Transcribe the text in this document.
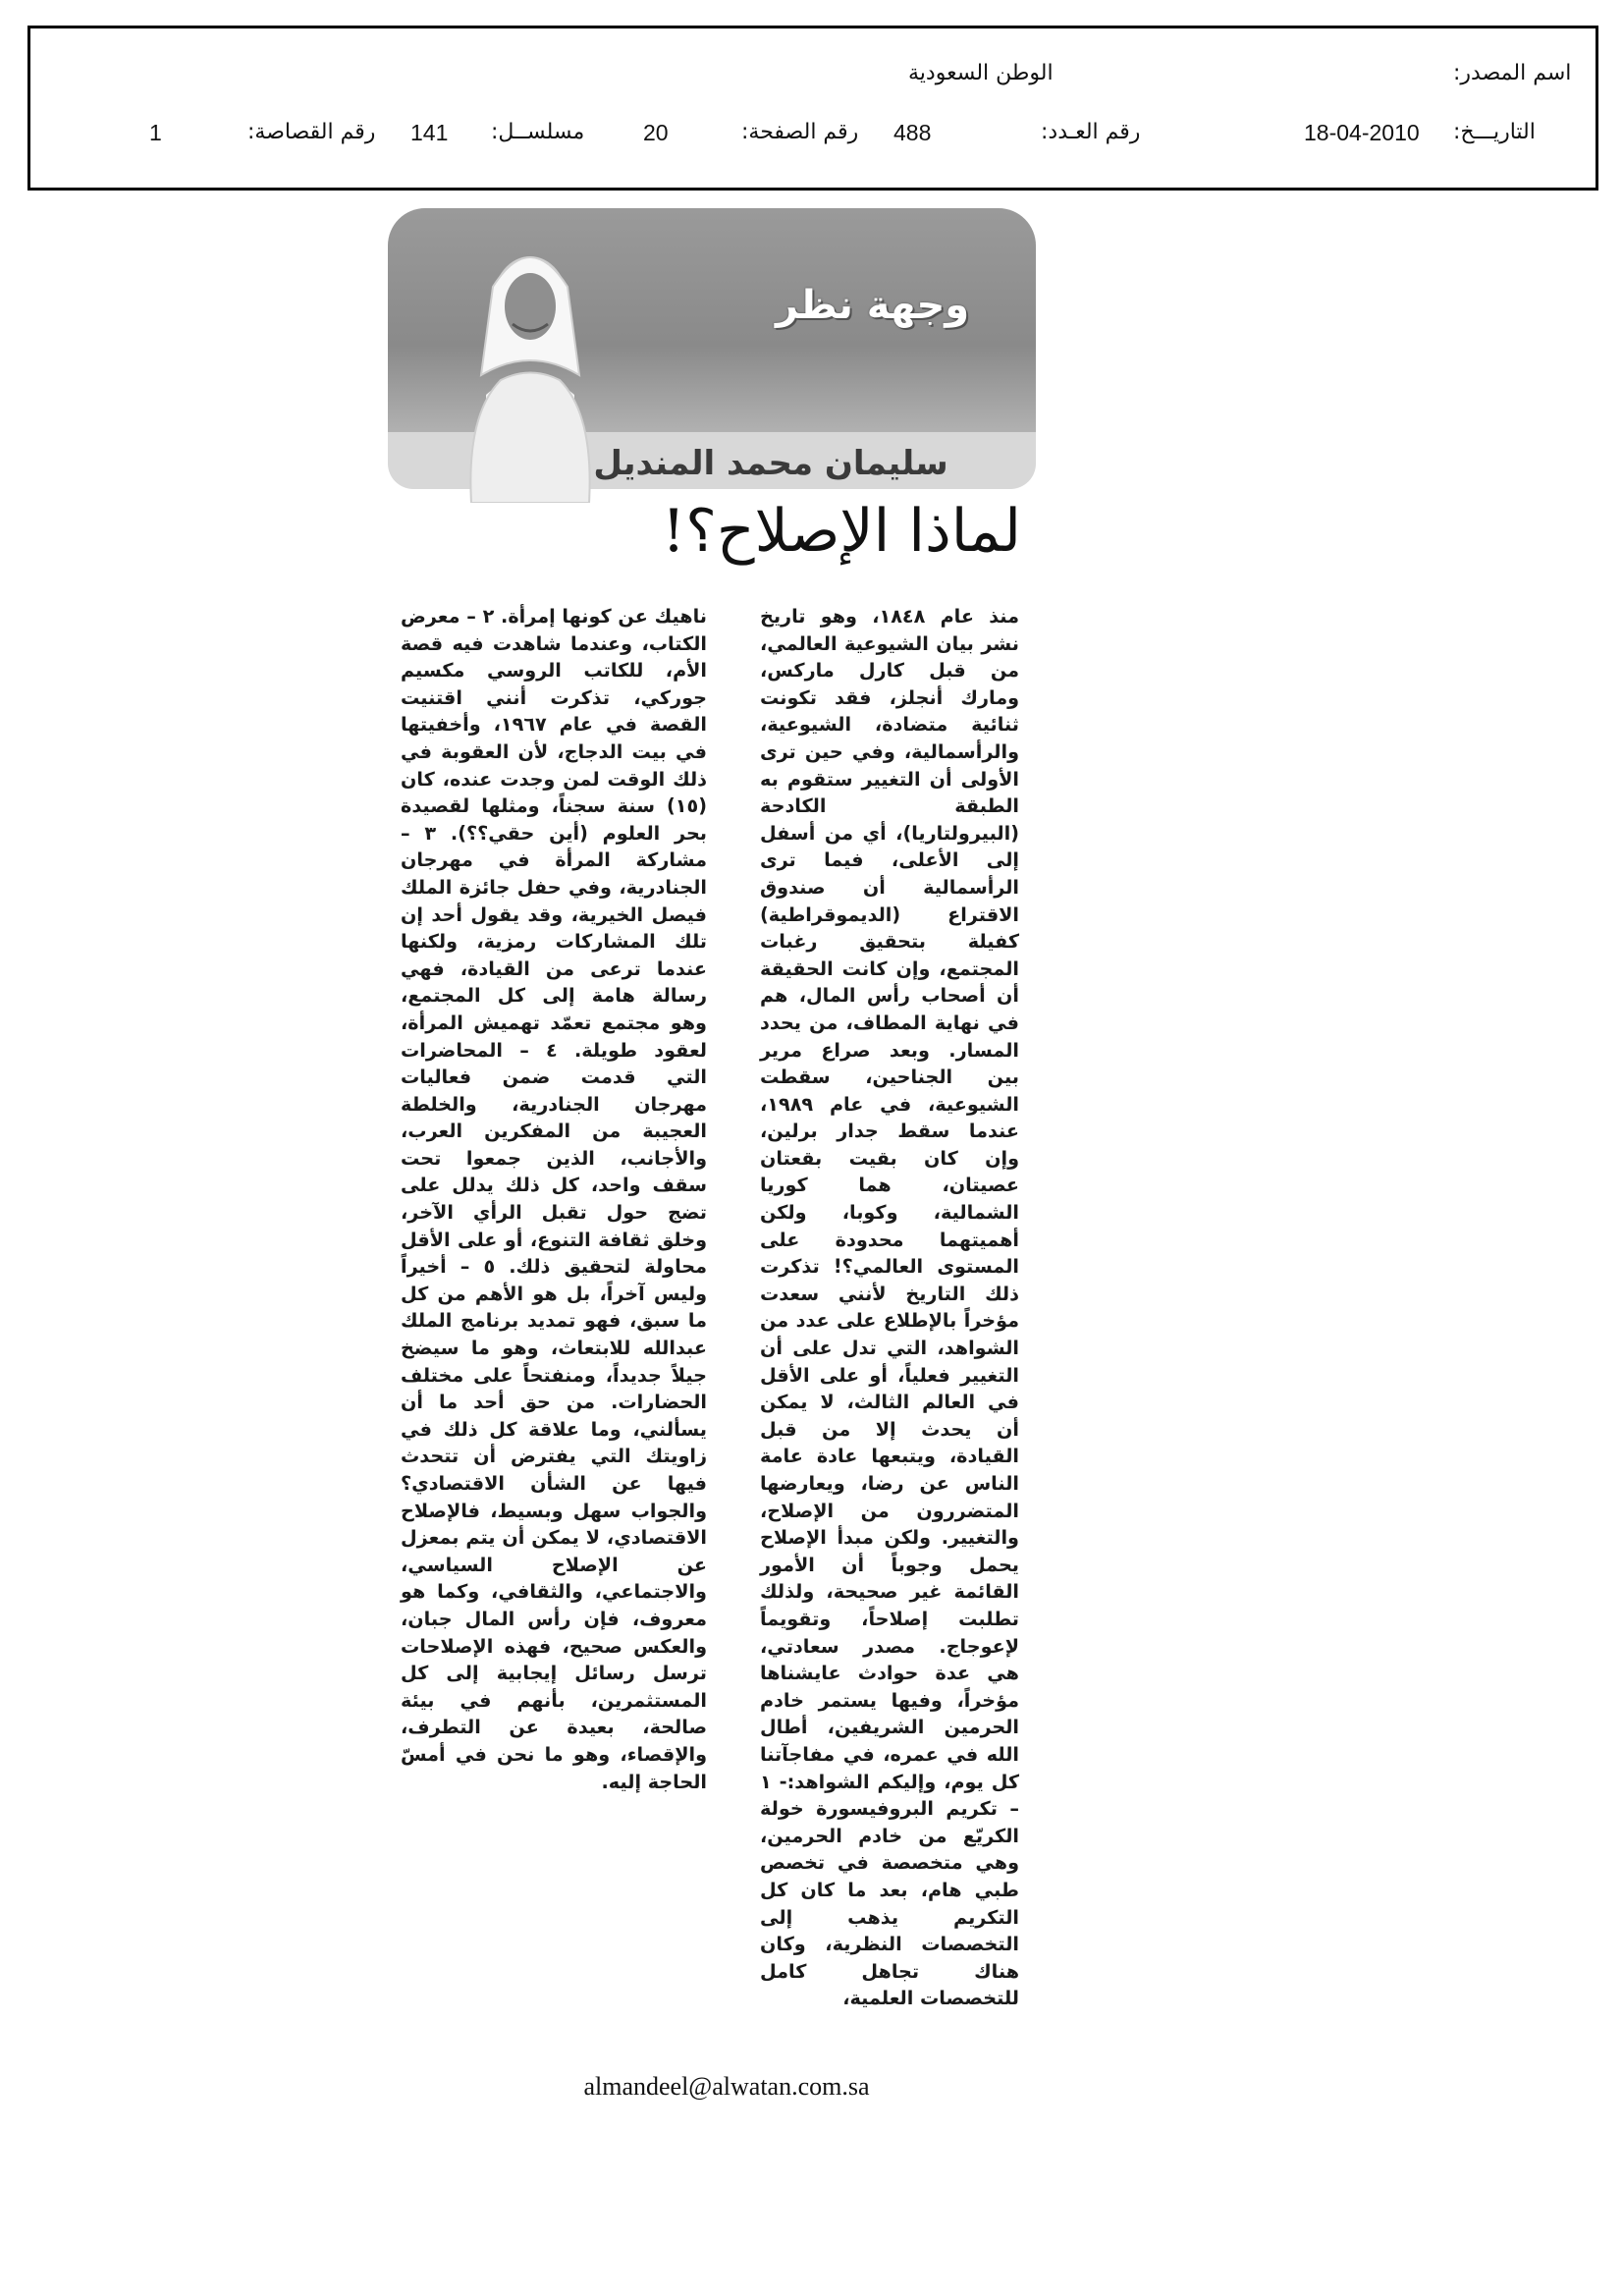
اسم المصدر:
الوطن السعودية
التاريـــخ:
18-04-2010
رقم العـدد:
488
رقم الصفحة:
20
مسلســل:
141
رقم القصاصة:
1
وجهة نظر
سليمان محمد المنديل
لماذا الإصلاح؟!

منذ عام ١٨٤٨، وهو تاريخ نشر بيان الشيوعية العالمي، من قبل كارل ماركس، ومارك أنجلز، فقد تكونت ثنائية متضادة، الشيوعية، والرأسمالية، وفي حين ترى الأولى أن التغيير ستقوم به الطبقة الكادحة (البيرولتاريا)، أي من أسفل إلى الأعلى، فيما ترى الرأسمالية أن صندوق الاقتراع (الديموقراطية) كفيلة بتحقيق رغبات المجتمع، وإن كانت الحقيقة أن أصحاب رأس المال، هم في نهاية المطاف، من يحدد المسار. وبعد صراع مرير بين الجناحين، سقطت الشيوعية، في عام ١٩٨٩، عندما سقط جدار برلين، وإن كان بقيت بقعتان عصيتان، هما كوريا الشمالية، وكوبا، ولكن أهميتهما محدودة على المستوى العالمي؟! تذكرت ذلك التاريخ لأنني سعدت مؤخراً بالإطلاع على عدد من الشواهد، التي تدل على أن التغيير فعلياً، أو على الأقل في العالم الثالث، لا يمكن أن يحدث إلا من قبل القيادة، ويتبعها عادة عامة الناس عن رضا، ويعارضها المتضررون من الإصلاح، والتغيير. ولكن مبدأ الإصلاح يحمل وجوباً أن الأمور القائمة غير صحيحة، ولذلك تطلبت إصلاحاً، وتقويماً لإعوجاج. مصدر سعادتي، هي عدة حوادث عايشناها مؤخراً، وفيها يستمر خادم الحرمين الشريفين، أطال الله في عمره، في مفاجآتنا كل يوم، وإليكم الشواهد:- ١ – تكريم البروفيسورة خولة الكريّع من خادم الحرمين، وهي متخصصة في تخصص طبي هام، بعد ما كان كل التكريم يذهب إلى التخصصات النظرية، وكان هناك تجاهل كامل للتخصصات العلمية،

ناهيك عن كونها إمرأة. ٢ – معرض الكتاب، وعندما شاهدت فيه قصة الأم، للكاتب الروسي مكسيم جوركي، تذكرت أنني اقتنيت القصة في عام ١٩٦٧، وأخفيتها في بيت الدجاج، لأن العقوبة في ذلك الوقت لمن وجدت عنده، كان (١٥) سنة سجناً، ومثلها لقصيدة بحر العلوم (أين حقي؟؟). ٣ – مشاركة المرأة في مهرجان الجنادرية، وفي حفل جائزة الملك فيصل الخيرية، وقد يقول أحد إن تلك المشاركات رمزية، ولكنها عندما ترعى من القيادة، فهي رسالة هامة إلى كل المجتمع، وهو مجتمع تعمّد تهميش المرأة، لعقود طويلة. ٤ – المحاضرات التي قدمت ضمن فعاليات مهرجان الجنادرية، والخلطة العجيبة من المفكرين العرب، والأجانب، الذين جمعوا تحت سقف واحد، كل ذلك يدلل على تضج حول تقبل الرأي الآخر، وخلق ثقافة التنوع، أو على الأقل محاولة لتحقيق ذلك. ٥ – أخيراً وليس آخراً، بل هو الأهم من كل ما سبق، فهو تمديد برنامج الملك عبدالله للابتعاث، وهو ما سيضخ جيلاً جديداً، ومنفتحاً على مختلف الحضارات. من حق أحد ما أن يسألني، وما علاقة كل ذلك في زاويتك التي يفترض أن تتحدث فيها عن الشأن الاقتصادي؟ والجواب سهل وبسيط، فالإصلاح الاقتصادي، لا يمكن أن يتم بمعزل عن الإصلاح السياسي، والاجتماعي، والثقافي، وكما هو معروف، فإن رأس المال جبان، والعكس صحيح، فهذه الإصلاحات ترسل رسائل إيجابية إلى كل المستثمرين، بأنهم في بيئة صالحة، بعيدة عن التطرف، والإقصاء، وهو ما نحن في أمسّ الحاجة إليه.

almandeel@alwatan.com.sa
